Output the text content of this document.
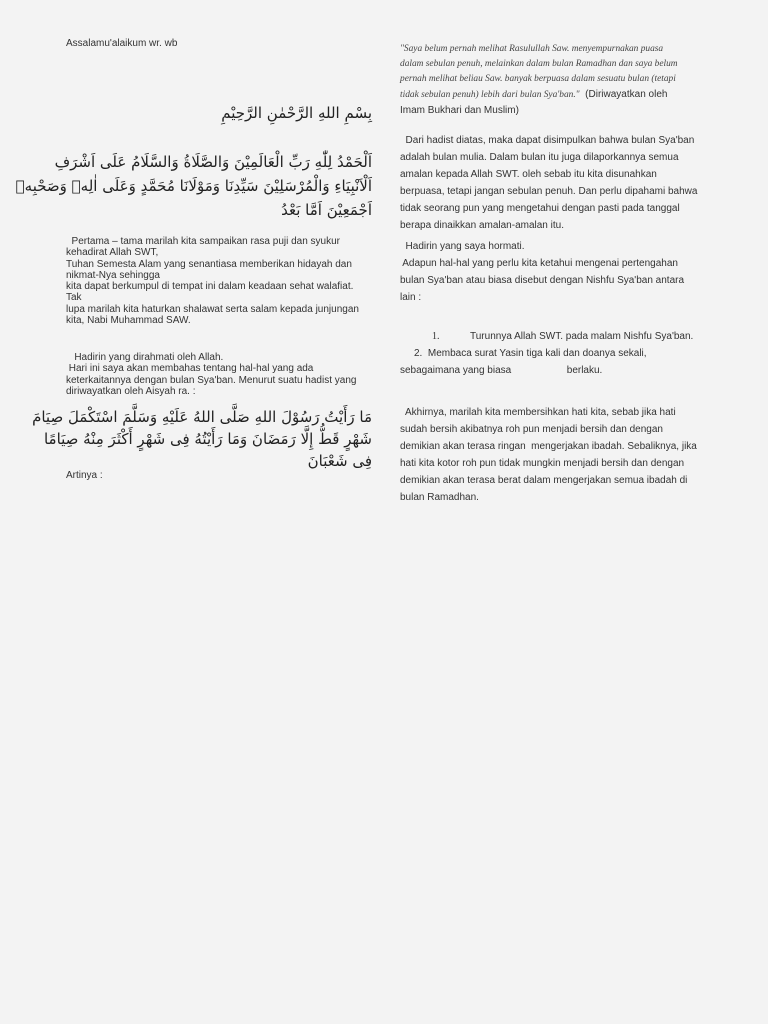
Assalamu'alaikum wr. wb
بِسْمِ اللهِ الرَّحْمٰنِ الرَّحِيْمِ
اَلْحَمْدُ لِلّٰهِ رَبِّ الْعَالَمِيْنَ وَالصَّلَاةُ وَالسَّلَامُ عَلَى اَشْرَفِ
اَلْاَنْبِيَاءِ وَالْمُرْسَلِيْنَ سَيِّدِنَا وَمَوْلَانَا مُحَمَّدٍ وَعَلَى اٰلِهٖ وَصَحْبِهٖ
اَجْمَعِيْنَ اَمَّا بَعْدُ
Pertama – tama marilah kita sampaikan rasa puji dan syukur
kehadirat Allah SWT,
Tuhan Semesta Alam yang senantiasa memberikan hidayah dan
nikmat-Nya sehingga
kita dapat berkumpul di tempat ini dalam keadaan sehat walafiat.
Tak
lupa marilah kita haturkan shalawat serta salam kepada junjungan
kita, Nabi Muhammad SAW.
Hadirin yang dirahmati oleh Allah.
Hari ini saya akan membahas tentang hal-hal yang ada
keterkaitannya dengan bulan Sya'ban. Menurut suatu hadist yang
diriwayatkan oleh Aisyah ra. :
مَا رَأَيْتُ رَسُوْلَ اللهِ صَلَّى اللهُ عَلَيْهِ وَسَلَّمَ اسْتَكْمَلَ صِيَامَ
شَهْرٍ قَطُّ إِلَّا رَمَضَانَ وَمَا رَأَيْتُهُ فِى شَهْرٍ أَكْثَرَ مِنْهُ صِيَامًا
فِى شَعْبَانَ
Artinya :
"Saya belum pernah melihat Rasulullah Saw. menyempurnakan puasa
dalam sebulan penuh, melainkan dalam bulan Ramadhan dan saya belum
pernah melihat beliau Saw. banyak berpuasa dalam sesuatu bulan (tetapi
tidak sebulan penuh) lebih dari bulan Sya'ban."  (Diriwayatkan oleh
Imam Bukhari dan Muslim)
Dari hadist diatas, maka dapat disimpulkan bahwa bulan Sya'ban
adalah bulan mulia. Dalam bulan itu juga dilaporkannya semua
amalan kepada Allah SWT. oleh sebab itu kita disunahkan
berpuasa, tetapi jangan sebulan penuh. Dan perlu dipahami bahwa
tidak seorang pun yang mengetahui dengan pasti pada tanggal
berapa dinaikkan amalan-amalan itu.
Hadirin yang saya hormati.
Adapun hal-hal yang perlu kita ketahui mengenai pertengahan
bulan Sya'ban atau biasa disebut dengan Nishfu Sya'ban antara
lain :
1.	Turunnya Allah SWT. pada malam Nishfu Sya'ban.
2.  Membaca surat Yasin tiga kali dan doanya sekali,
sebagaimana yang biasa                    berlaku.
Akhirnya, marilah kita membersihkan hati kita, sebab jika hati
sudah bersih akibatnya roh pun menjadi bersih dan dengan
demikian akan terasa ringan  mengerjakan ibadah. Sebaliknya, jika
hati kita kotor roh pun tidak mungkin menjadi bersih dan dengan
demikian akan terasa berat dalam mengerjakan semua ibadah di
bulan Ramadhan.
